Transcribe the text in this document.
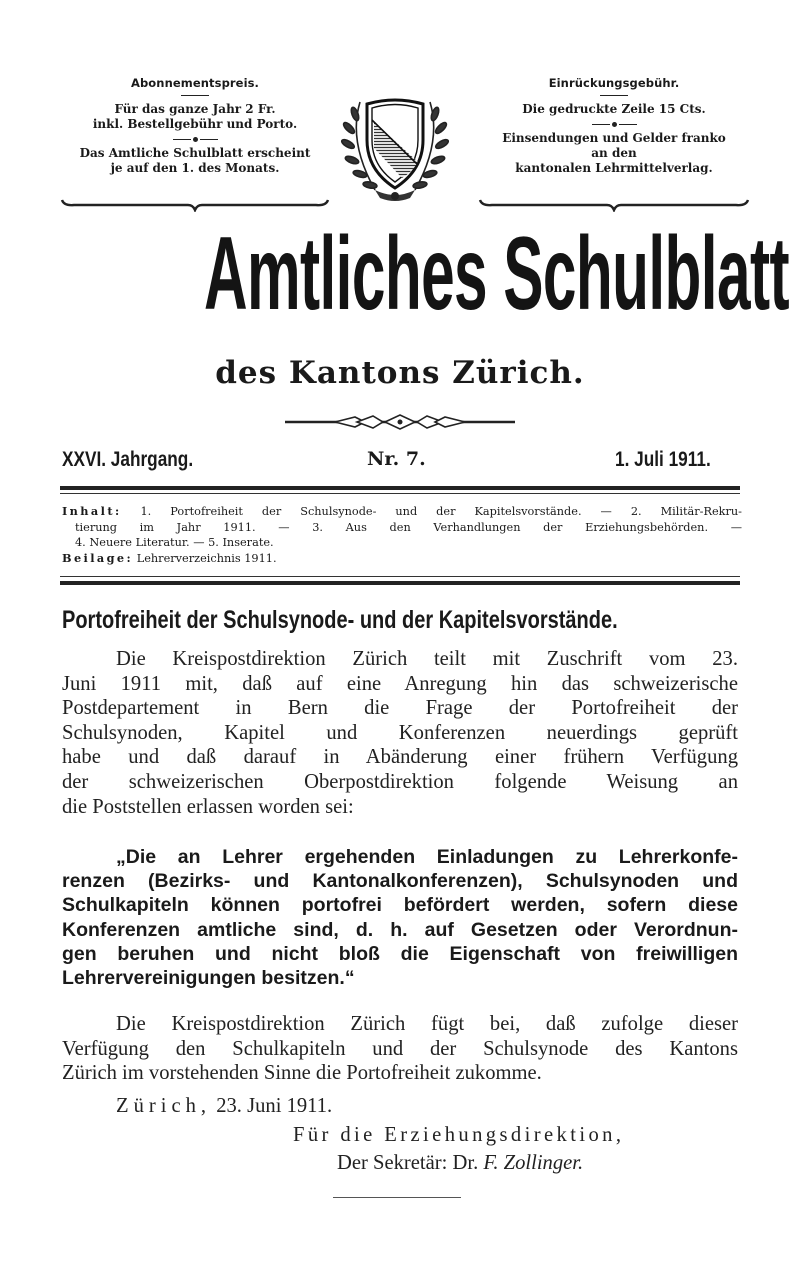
Abonnementspreis.
Für das ganze Jahr 2 Fr.
inkl. Bestellgebühr und Porto.
Das Amtliche Schulblatt erscheint
je auf den 1. des Monats.
Einrückungsgebühr.
Die gedruckte Zeile 15 Cts.
Einsendungen und Gelder franko
an den
kantonalen Lehrmittelverlag.
Amtliches Schulblatt
des Kantons Zürich.
XXVI. Jahrgang.	Nr. 7.	1. Juli 1911.

Inhalt: 1. Portofreiheit der Schulsynode- und der Kapitelsvorstände. — 2. Militär-Rekru-

tierung im Jahr 1911. — 3. Aus den Verhandlungen der Erziehungsbehörden. —

4. Neuere Literatur. — 5. Inserate.

Beilage: Lehrerverzeichnis 1911.

Portofreiheit der Schulsynode- und der Kapitelsvorstände.
Die Kreispostdirektion Zürich teilt mit Zuschrift vom 23.
Juni 1911 mit, daß auf eine Anregung hin das schweizerische
Postdepartement in Bern die Frage der Portofreiheit der
Schulsynoden, Kapitel und Konferenzen neuerdings geprüft
habe und daß darauf in Abänderung einer frühern Verfügung
der schweizerischen Oberpostdirektion folgende Weisung an
die Poststellen erlassen worden sei:
„Die an Lehrer ergehenden Einladungen zu Lehrerkonfe-
renzen (Bezirks- und Kantonalkonferenzen), Schulsynoden und
Schulkapiteln können portofrei befördert werden, sofern diese
Konferenzen amtliche sind, d. h. auf Gesetzen oder Verordnun-
gen beruhen und nicht bloß die Eigenschaft von freiwilligen
Lehrervereinigungen besitzen.“
Die Kreispostdirektion Zürich fügt bei, daß zufolge dieser
Verfügung den Schulkapiteln und der Schulsynode des Kantons
Zürich im vorstehenden Sinne die Portofreiheit zukomme.
Zürich, 23. Juni 1911.
Für die Erziehungsdirektion,
Der Sekretär: Dr. F. Zollinger.
